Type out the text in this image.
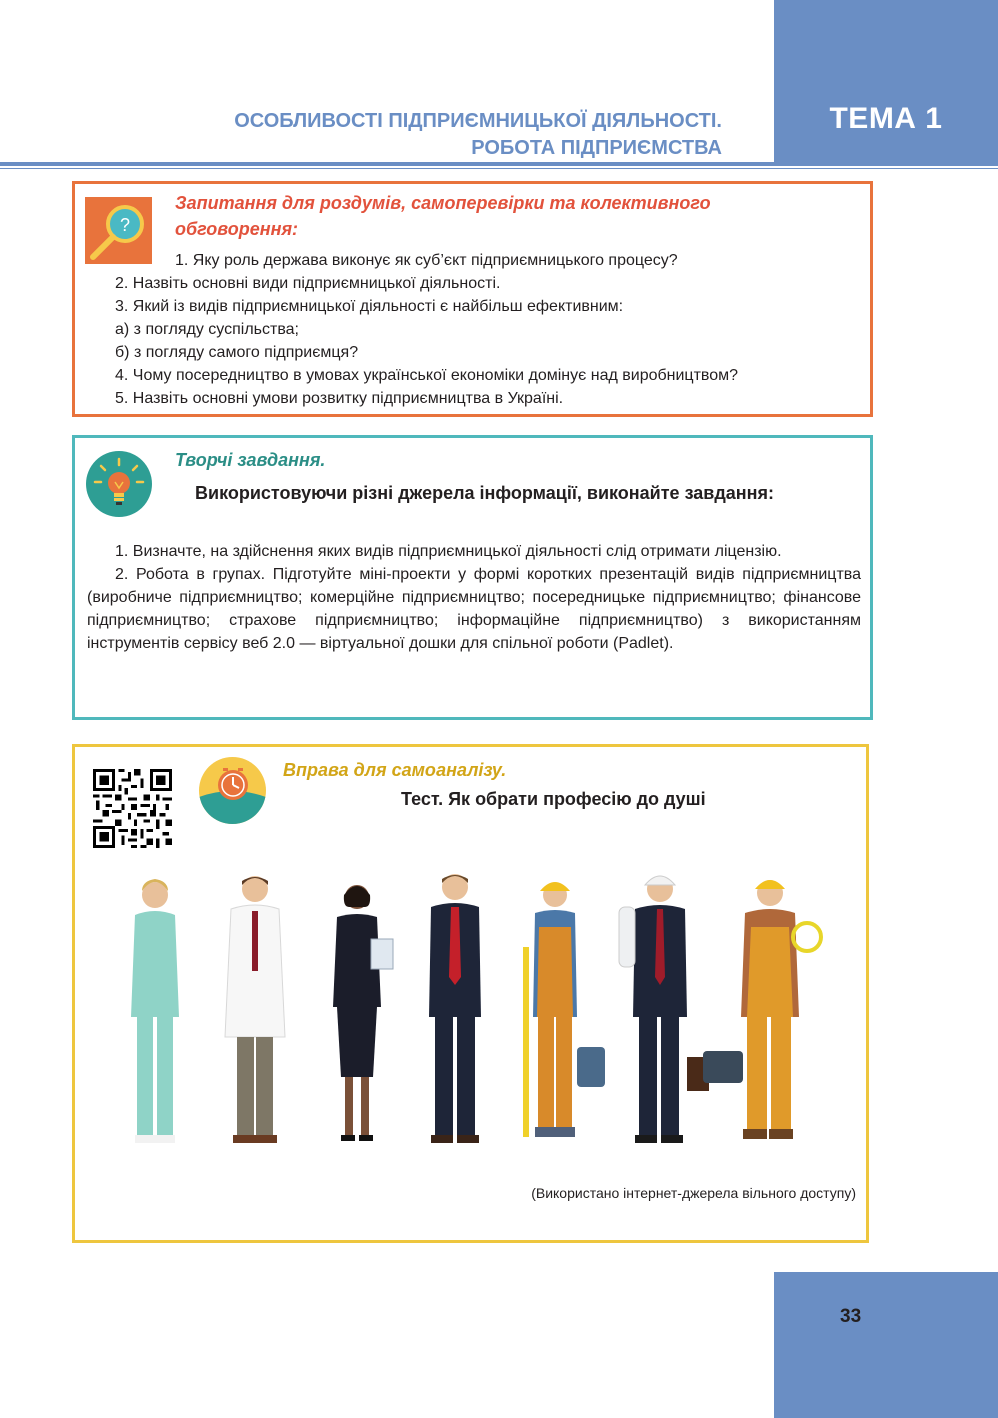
ТЕМА 1
ОСОБЛИВОСТІ ПІДПРИЄМНИЦЬКОЇ ДІЯЛЬНОСТІ.
РОБОТА ПІДПРИЄМСТВА
?
Запитання для роздумів, самоперевірки та колективного обговорення:
1. Яку роль держава виконує як суб’єкт підприємницького процесу?
2. Назвіть основні види підприємницької діяльності.
3. Який із видів підприємницької діяльності є найбільш ефективним:
а) з погляду суспільства;
б) з погляду самого підприємця?
4. Чому посередництво в умовах української економіки домінує над виробництвом?
5. Назвіть основні умови розвитку підприємництва в Україні.
Творчі завдання.
Використовуючи різні джерела інформації, виконайте завдання:

1. Визначте, на здійснення яких видів підприємницької діяльності слід отримати ліцензію.

2. Робота в групах. Підготуйте міні-проекти у формі коротких презентацій видів підприємництва (виробниче підприємництво; комерційне підприємництво; посередницьке підприємництво; фінансове підприємництво; страхове підприємництво; інформаційне підприємництво) з використанням інструментів сервісу веб 2.0 — віртуальної дошки для спільної роботи (Padlet).

Вправа для самоаналізу.
Тест. Як обрати професію до душі
(Використано інтернет-джерела вільного доступу)
33
